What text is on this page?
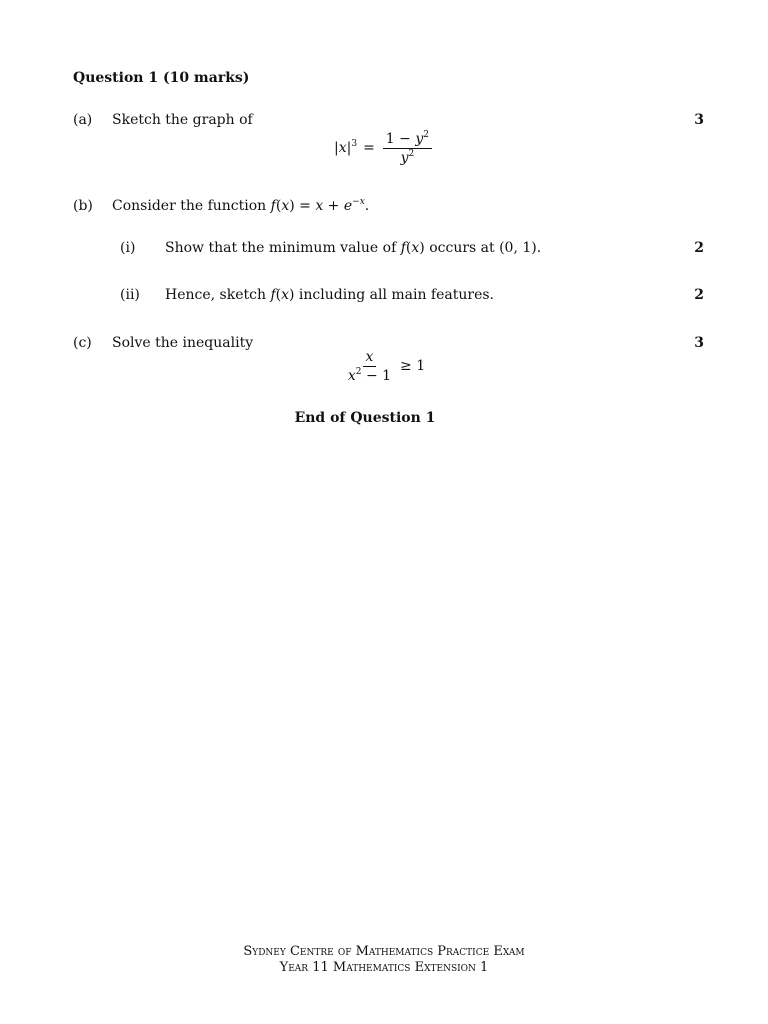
Question 1 (10 marks)
(a) Sketch the graph of	3
$|x|^3 = \frac{1 - y^2}{y^2}$
(b) Consider the function $f(x) = x + e^{-x}$.
(i) Show that the minimum value of f(x) occurs at (0, 1).	2
(ii) Hence, sketch f(x) including all main features.	2
(c) Solve the inequality	3
$\frac{x}{x^2 - 1} \ge 1$
End of Question 1
Sydney Centre of Mathematics Practice Exam
Year 11 Mathematics Extension 1
